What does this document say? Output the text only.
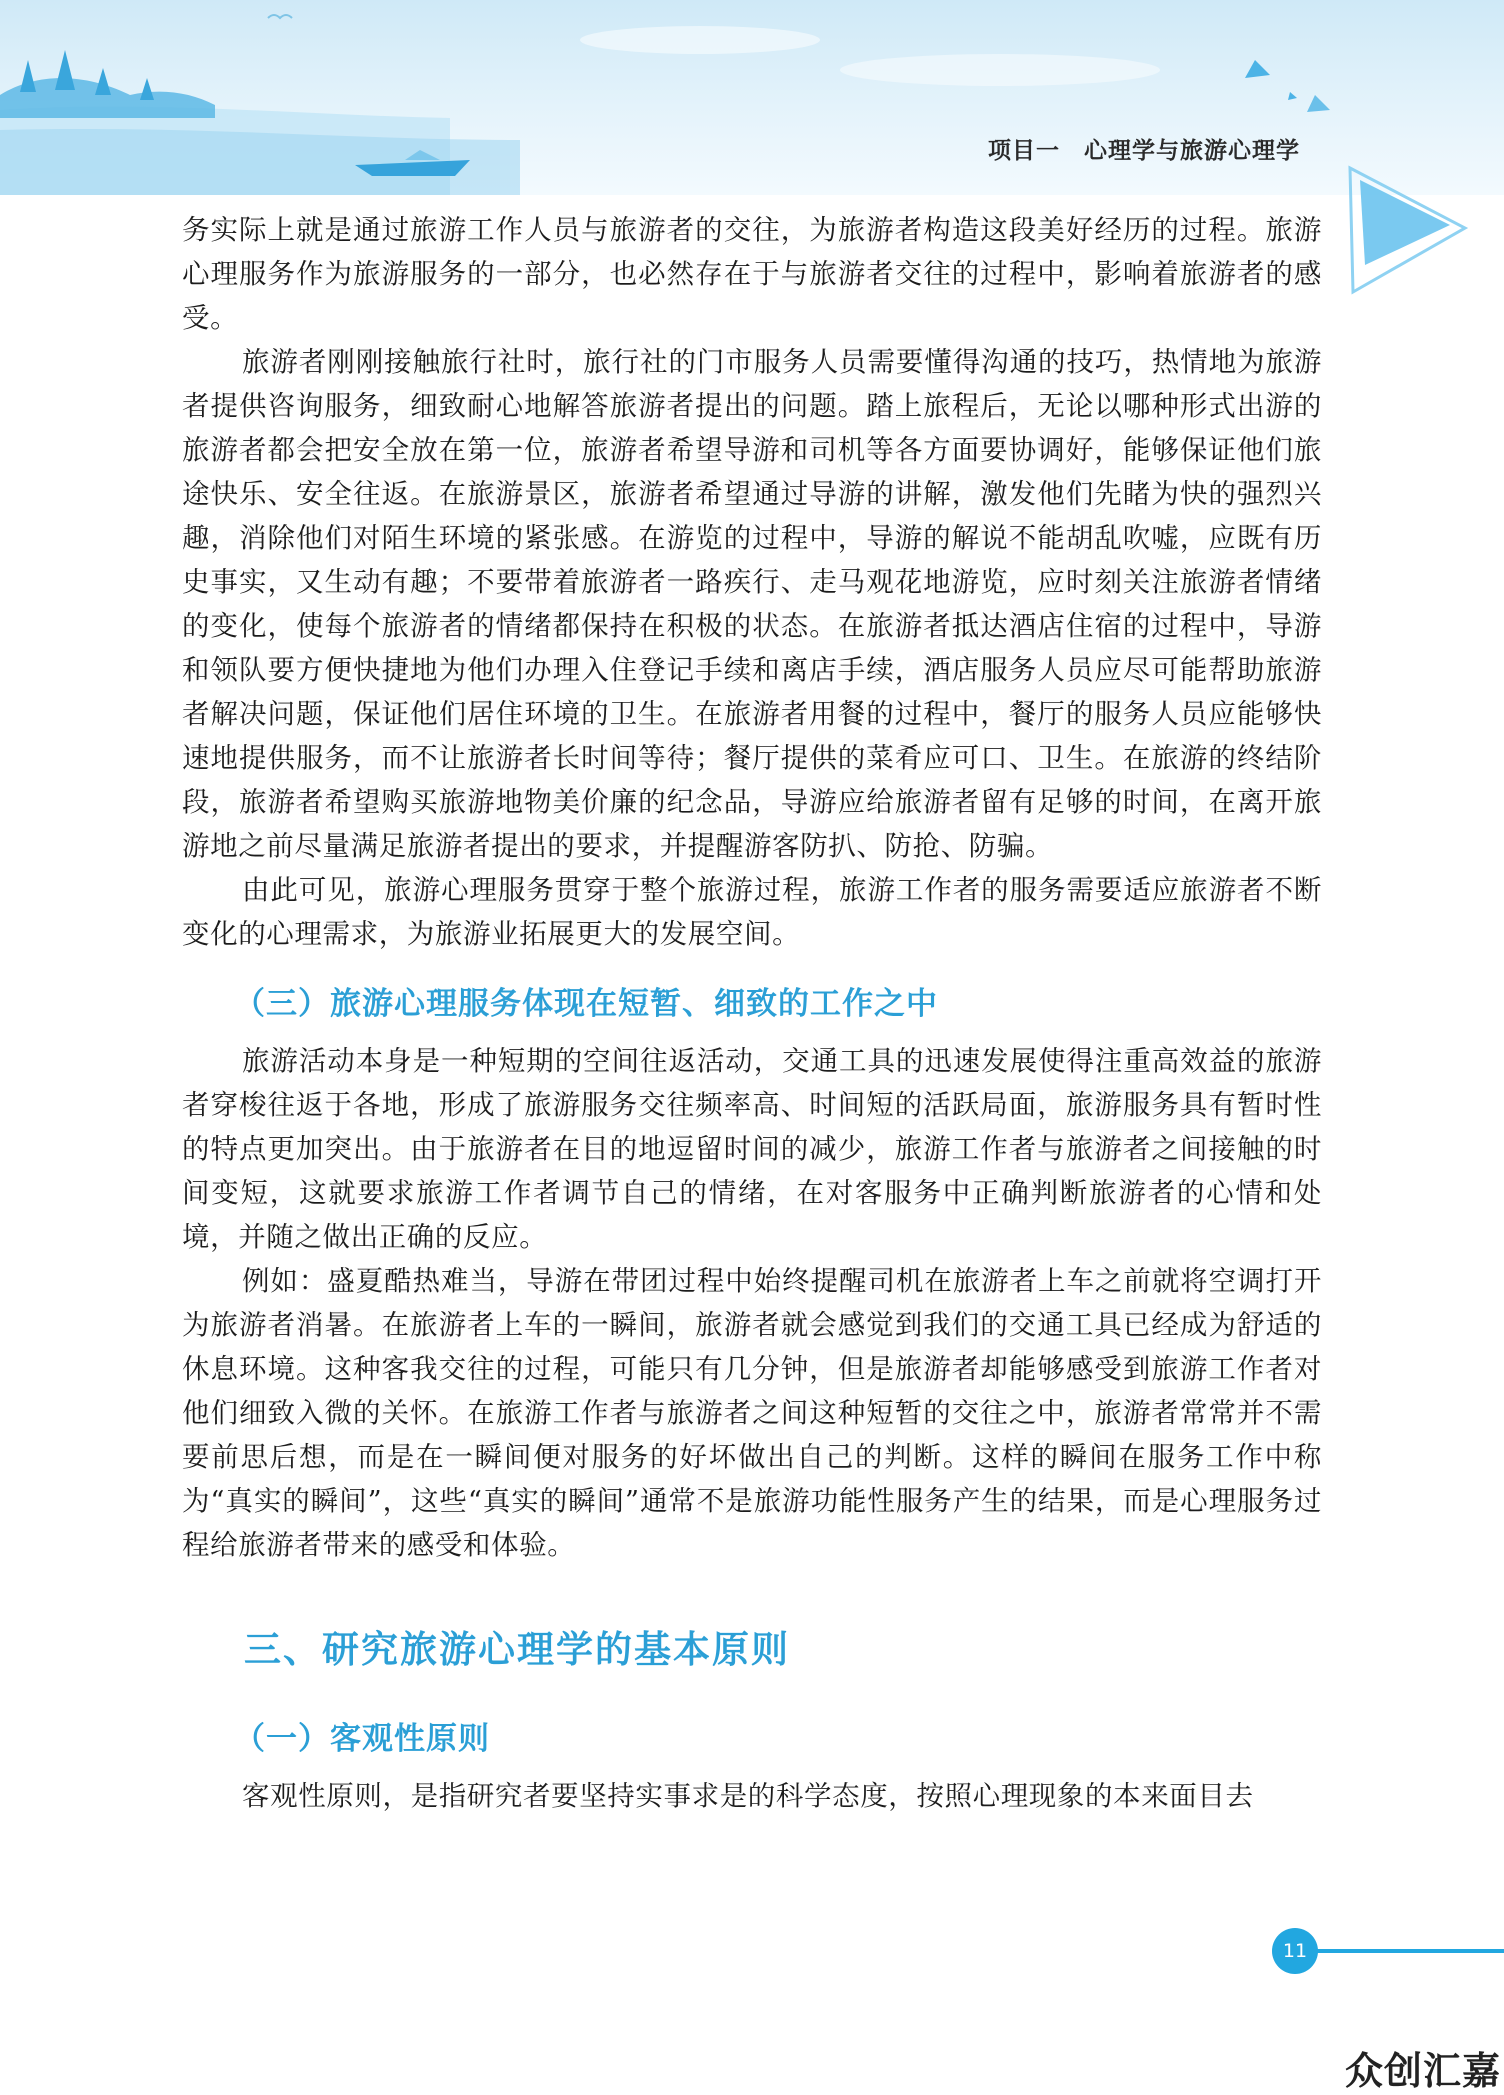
项目一　心理学与旅游心理学

务实际上就是通过旅游工作人员与旅游者的交往，为旅游者构造这段美好经历的过程。旅游心理服务作为旅游服务的一部分，也必然存在于与旅游者交往的过程中，影响着旅游者的感受。

旅游者刚刚接触旅行社时，旅行社的门市服务人员需要懂得沟通的技巧，热情地为旅游者提供咨询服务，细致耐心地解答旅游者提出的问题。踏上旅程后，无论以哪种形式出游的旅游者都会把安全放在第一位，旅游者希望导游和司机等各方面要协调好，能够保证他们旅途快乐、安全往返。在旅游景区，旅游者希望通过导游的讲解，激发他们先睹为快的强烈兴趣，消除他们对陌生环境的紧张感。在游览的过程中，导游的解说不能胡乱吹嘘，应既有历史事实，又生动有趣；不要带着旅游者一路疾行、走马观花地游览，应时刻关注旅游者情绪的变化，使每个旅游者的情绪都保持在积极的状态。在旅游者抵达酒店住宿的过程中，导游和领队要方便快捷地为他们办理入住登记手续和离店手续，酒店服务人员应尽可能帮助旅游者解决问题，保证他们居住环境的卫生。在旅游者用餐的过程中，餐厅的服务人员应能够快速地提供服务，而不让旅游者长时间等待；餐厅提供的菜肴应可口、卫生。在旅游的终结阶段，旅游者希望购买旅游地物美价廉的纪念品，导游应给旅游者留有足够的时间，在离开旅游地之前尽量满足旅游者提出的要求，并提醒游客防扒、防抢、防骗。

由此可见，旅游心理服务贯穿于整个旅游过程，旅游工作者的服务需要适应旅游者不断变化的心理需求，为旅游业拓展更大的发展空间。

（三）旅游心理服务体现在短暂、细致的工作之中

旅游活动本身是一种短期的空间往返活动，交通工具的迅速发展使得注重高效益的旅游者穿梭往返于各地，形成了旅游服务交往频率高、时间短的活跃局面，旅游服务具有暂时性的特点更加突出。由于旅游者在目的地逗留时间的减少，旅游工作者与旅游者之间接触的时间变短，这就要求旅游工作者调节自己的情绪，在对客服务中正确判断旅游者的心情和处境，并随之做出正确的反应。

例如：盛夏酷热难当，导游在带团过程中始终提醒司机在旅游者上车之前就将空调打开为旅游者消暑。在旅游者上车的一瞬间，旅游者就会感觉到我们的交通工具已经成为舒适的休息环境。这种客我交往的过程，可能只有几分钟，但是旅游者却能够感受到旅游工作者对他们细致入微的关怀。在旅游工作者与旅游者之间这种短暂的交往之中，旅游者常常并不需要前思后想，而是在一瞬间便对服务的好坏做出自己的判断。这样的瞬间在服务工作中称为“真实的瞬间”，这些“真实的瞬间”通常不是旅游功能性服务产生的结果，而是心理服务过程给旅游者带来的感受和体验。

三、研究旅游心理学的基本原则
（一）客观性原则

客观性原则，是指研究者要坚持实事求是的科学态度，按照心理现象的本来面目去

11
众创汇嘉
